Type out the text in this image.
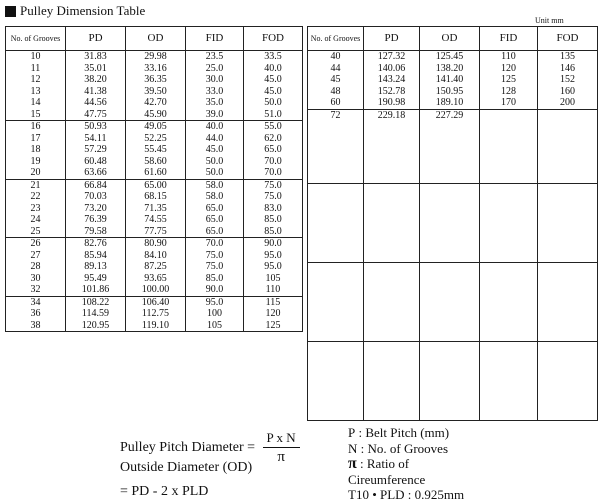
Pulley Dimension Table
Unit mm
No. of Grooves	PD	OD	FID	FOD
10	31.83	29.98	23.5	33.5
11	35.01	33.16	25.0	40.0
12	38.20	36.35	30.0	45.0
13	41.38	39.50	33.0	45.0
14	44.56	42.70	35.0	50.0
15	47.75	45.90	39.0	51.0
16	50.93	49.05	40.0	55.0
17	54.11	52.25	44.0	62.0
18	57.29	55.45	45.0	65.0
19	60.48	58.60	50.0	70.0
20	63.66	61.60	50.0	70.0
21	66.84	65.00	58.0	75.0
22	70.03	68.15	58.0	75.0
23	73.20	71.35	65.0	83.0
24	76.39	74.55	65.0	85.0
25	79.58	77.75	65.0	85.0
26	82.76	80.90	70.0	90.0
27	85.94	84.10	75.0	95.0
28	89.13	87.25	75.0	95.0
30	95.49	93.65	85.0	105
32	101.86	100.00	90.0	110
34	108.22	106.40	95.0	115
36	114.59	112.75	100	120
38	120.95	119.10	105	125
No. of Grooves	PD	OD	FID	FOD
40	127.32	125.45	110	135
44	140.06	138.20	120	146
45	143.24	141.40	125	152
48	152.78	150.95	128	160
60	190.98	189.10	170	200
72	229.18	227.29		

Pulley Pitch Diameter = $\frac{\text{P x N}}{\pi}$
Outside Diameter (OD)
= PD - 2 x PLD
P : Belt Pitch (mm)
N : No. of Grooves
π : Ratio of
Cireumference
T10 • PLD : 0.925mm
